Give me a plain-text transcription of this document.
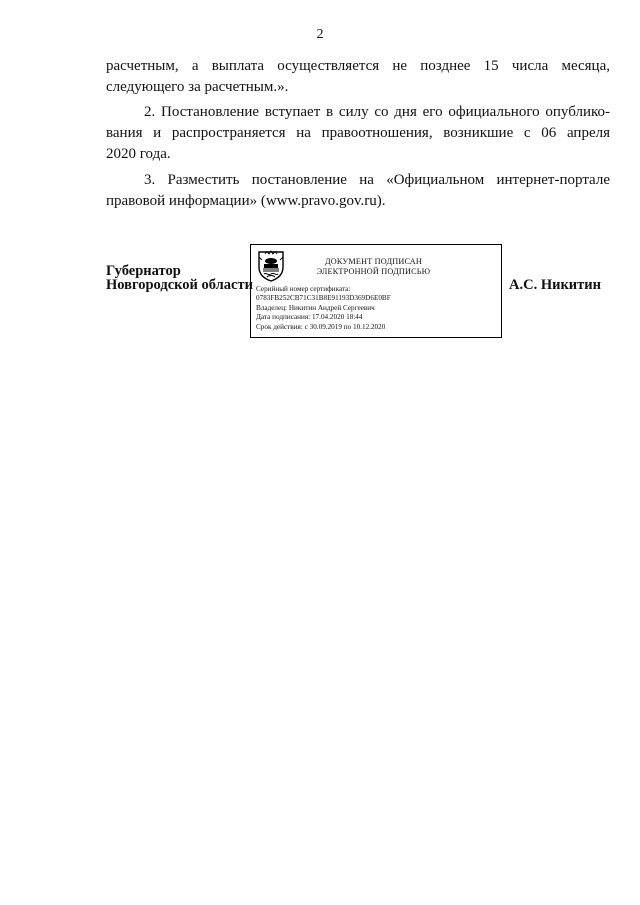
2

расчетным, а выплата осуществляется не позднее 15 числа месяца,

следующего за расчетным.».

2. Постановление вступает в силу со дня его официального опублико-

вания и распространяется на правоотношения, возникшие с 06 апреля

2020 года.

3. Разместить постановление на «Официальном интернет-портале

правовой информации» (www.pravo.gov.ru).

Губернатор
Новгородской области
ДОКУМЕНТ ПОДПИСАН
ЭЛЕКТРОННОЙ ПОДПИСЬЮ
Серийный номер сертификата:
0783FB252CB71C31B8E91193D369D6E0BF
Владелец: Никитин Андрей Сергеевич
Дата подписания: 17.04.2020 18:44
Срок действия: с 30.09.2019 по 10.12.2020
А.С. Никитин
